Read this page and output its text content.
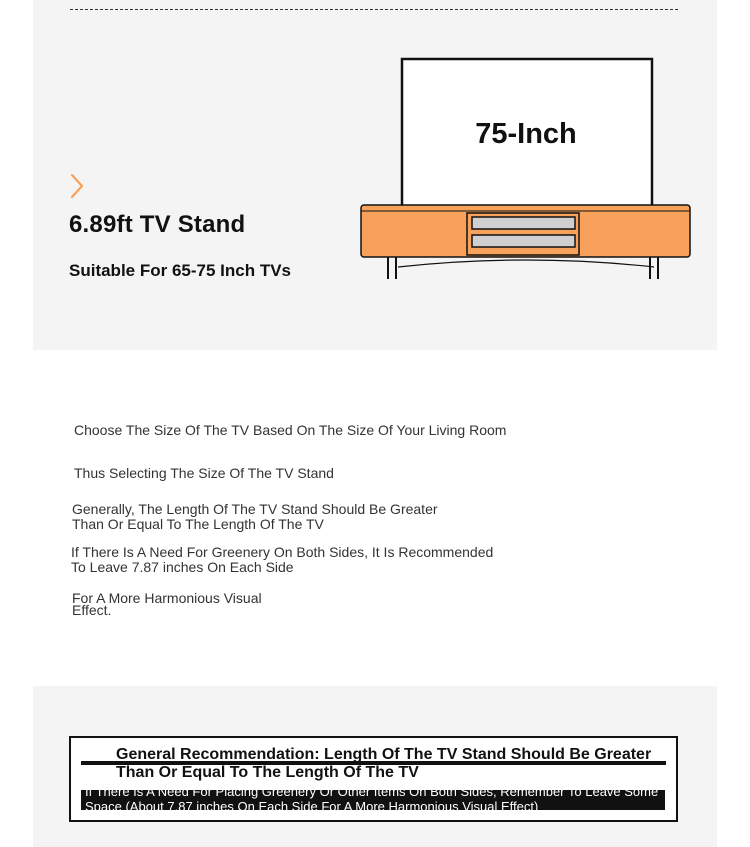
6.89ft TV Stand
Suitable For 65-75 Inch TVs
75-Inch
Choose The Size Of The TV Based On The Size Of Your Living Room
Thus Selecting The Size Of The TV Stand
Generally, The Length Of The TV Stand Should Be Greater Than Or Equal To The Length Of The TV
If There Is A Need For Greenery On Both Sides, It Is Recommended To Leave 7.87 inches On Each Side
For A More Harmonious Visual Effect.
General Recommendation: Length Of The TV Stand Should Be Greater Than Or Equal To The Length Of The TV
If There Is A Need For Placing Greenery Or Other Items On Both Sides, Remember To Leave Some Space (About 7.87 inches On Each Side For A More Harmonious Visual Effect)
